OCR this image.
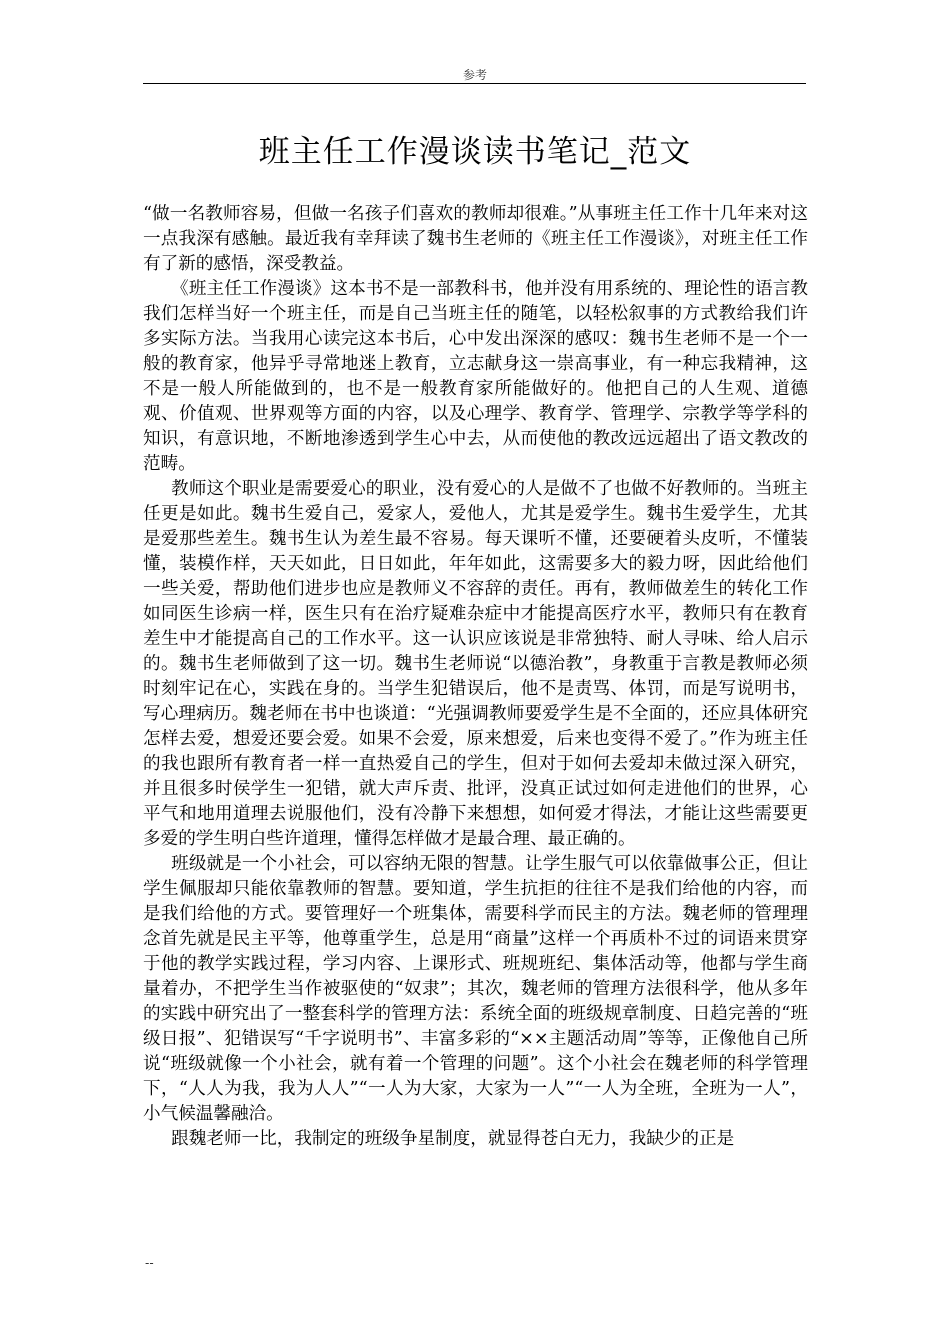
参考
班主任工作漫谈读书笔记_范文

“做一名教师容易，但做一名孩子们喜欢的教师却很难。”从事班主任工作十几年来对这一点我深有感触。最近我有幸拜读了魏书生老师的《班主任工作漫谈》，对班主任工作有了新的感悟，深受教益。

《班主任工作漫谈》这本书不是一部教科书，他并没有用系统的、理论性的语言教我们怎样当好一个班主任，而是自己当班主任的随笔，以轻松叙事的方式教给我们许多实际方法。当我用心读完这本书后，心中发出深深的感叹：魏书生老师不是一个一般的教育家，他异乎寻常地迷上教育，立志献身这一崇高事业，有一种忘我精神，这不是一般人所能做到的，也不是一般教育家所能做好的。他把自己的人生观、道德观、价值观、世界观等方面的内容，以及心理学、教育学、管理学、宗教学等学科的知识，有意识地，不断地渗透到学生心中去，从而使他的教改远远超出了语文教改的范畴。

教师这个职业是需要爱心的职业，没有爱心的人是做不了也做不好教师的。当班主任更是如此。魏书生爱自己，爱家人，爱他人，尤其是爱学生。魏书生爱学生，尤其是爱那些差生。魏书生认为差生最不容易。每天课听不懂，还要硬着头皮听，不懂装懂，装模作样，天天如此，日日如此，年年如此，这需要多大的毅力呀，因此给他们一些关爱，帮助他们进步也应是教师义不容辞的责任。再有，教师做差生的转化工作如同医生诊病一样，医生只有在治疗疑难杂症中才能提高医疗水平，教师只有在教育差生中才能提高自己的工作水平。这一认识应该说是非常独特、耐人寻味、给人启示的。魏书生老师做到了这一切。魏书生老师说“以德治教”，身教重于言教是教师必须时刻牢记在心，实践在身的。当学生犯错误后，他不是责骂、体罚，而是写说明书，写心理病历。魏老师在书中也谈道：“光强调教师要爱学生是不全面的，还应具体研究怎样去爱，想爱还要会爱。如果不会爱，原来想爱，后来也变得不爱了。”作为班主任的我也跟所有教育者一样一直热爱自己的学生，但对于如何去爱却未做过深入研究，并且很多时侯学生一犯错，就大声斥责、批评，没真正试过如何走进他们的世界，心平气和地用道理去说服他们，没有冷静下来想想，如何爱才得法，才能让这些需要更多爱的学生明白些许道理，懂得怎样做才是最合理、最正确的。

班级就是一个小社会，可以容纳无限的智慧。让学生服气可以依靠做事公正，但让学生佩服却只能依靠教师的智慧。要知道，学生抗拒的往往不是我们给他的内容，而是我们给他的方式。要管理好一个班集体，需要科学而民主的方法。魏老师的管理理念首先就是民主平等，他尊重学生，总是用“商量”这样一个再质朴不过的词语来贯穿于他的教学实践过程，学习内容、上课形式、班规班纪、集体活动等，他都与学生商量着办，不把学生当作被驱使的“奴隶”；其次，魏老师的管理方法很科学，他从多年的实践中研究出了一整套科学的管理方法：系统全面的班级规章制度、日趋完善的“班级日报”、犯错误写“千字说明书”、丰富多彩的“××主题活动周”等等，正像他自己所说“班级就像一个小社会，就有着一个管理的问题”。这个小社会在魏老师的科学管理下，“人人为我，我为人人”“一人为大家，大家为一人”“一人为全班，全班为一人”，小气候温馨融洽。

跟魏老师一比，我制定的班级争星制度，就显得苍白无力，我缺少的正是

--
